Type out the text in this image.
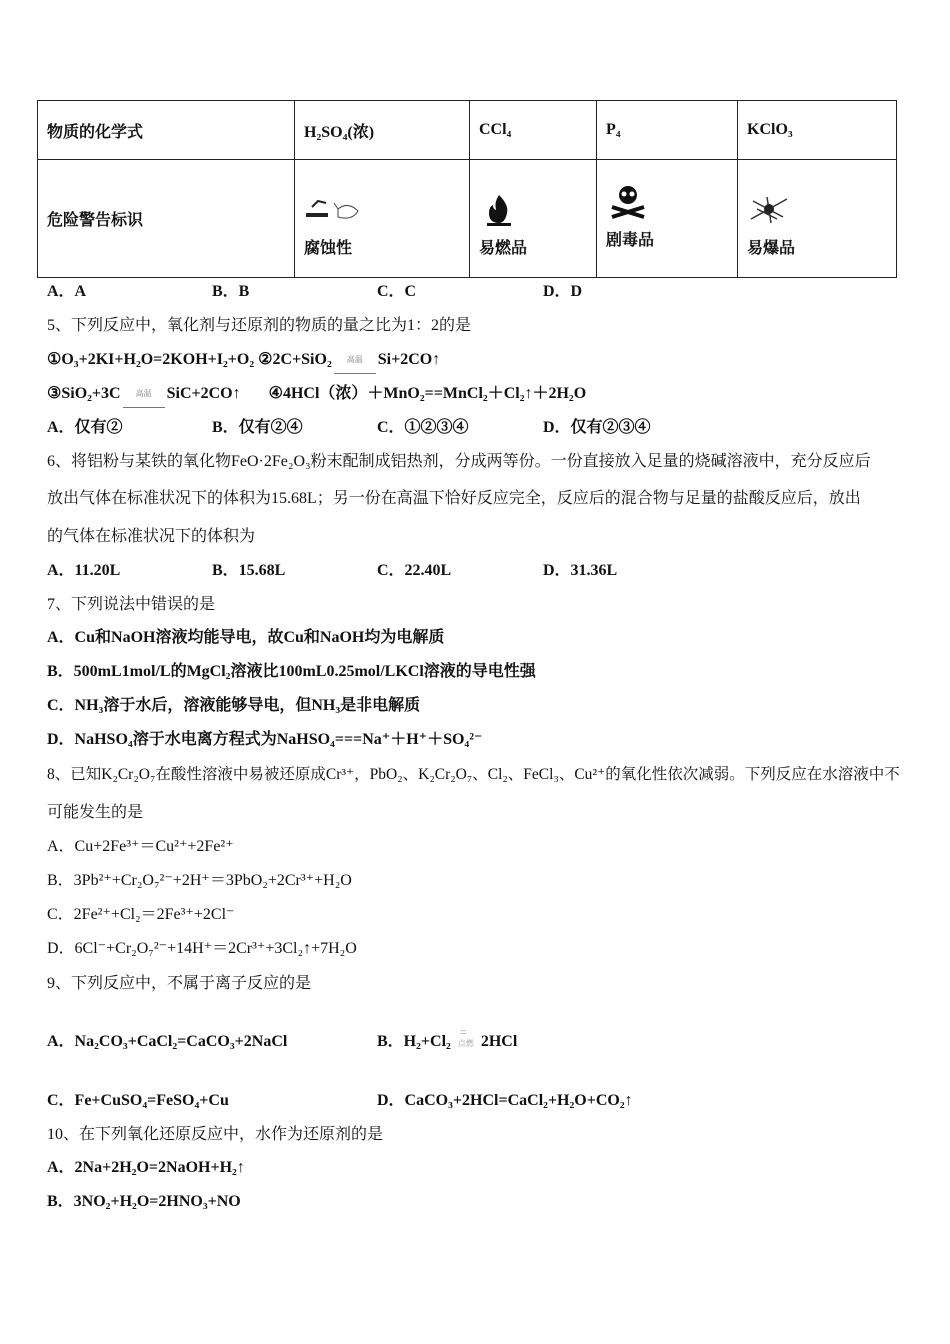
物质的化学式	H₂SO₄(浓)	CCl₄	P₄	KClO₃
危险警告标识	腐蚀性	易燃品	剧毒品	易爆品
A．A	B．B	C．C	D．D
5、下列反应中，氧化剂与还原剂的物质的量之比为1：2的是
①O₃+2KI+H₂O=2KOH+I₂+O₂ ②2C+SiO₂ 高温 Si+2CO↑
③SiO₂+3C 高温 SiC+2CO↑ ④4HCl（浓）＋MnO₂==MnCl₂＋Cl₂↑＋2H₂O
A．仅有②	B．仅有②④	C．①②③④	D．仅有②③④
6、将铝粉与某铁的氧化物FeO·2Fe₂O₃粉末配制成铝热剂，分成两等份。一份直接放入足量的烧碱溶液中，充分反应后
放出气体在标准状况下的体积为15.68L；另一份在高温下恰好反应完全，反应后的混合物与足量的盐酸反应后，放出
的气体在标准状况下的体积为
A．11.20L	B．15.68L	C．22.40L	D．31.36L
7、下列说法中错误的是
A．Cu和NaOH溶液均能导电，故Cu和NaOH均为电解质
B．500mL1mol/L的MgCl₂溶液比100mL0.25mol/LKCl溶液的导电性强
C．NH₃溶于水后，溶液能够导电，但NH₃是非电解质
D．NaHSO₄溶于水电离方程式为NaHSO₄===Na⁺＋H⁺＋SO₄²⁻
8、已知K₂Cr₂O₇在酸性溶液中易被还原成Cr³⁺，PbO₂、K₂Cr₂O₇、Cl₂、FeCl₃、Cu²⁺的氧化性依次减弱。下列反应在水溶液中不
可能发生的是
A．Cu+2Fe³⁺＝Cu²⁺+2Fe²⁺
B．3Pb²⁺+Cr₂O₇²⁻+2H⁺＝3PbO₂+2Cr³⁺+H₂O
C．2Fe²⁺+Cl₂＝2Fe³⁺+2Cl⁻
D．6Cl⁻+Cr₂O₇²⁻+14H⁺＝2Cr³⁺+3Cl₂↑+7H₂O
9、下列反应中，不属于离子反应的是
A．Na₂CO₃+CaCl₂=CaCO₃+2NaCl	B．H₂+Cl₂
=
点燃 2HCl
C．Fe+CuSO₄=FeSO₄+Cu	D．CaCO₃+2HCl=CaCl₂+H₂O+CO₂↑
10、在下列氧化还原反应中，水作为还原剂的是
A．2Na+2H₂O=2NaOH+H₂↑
B．3NO₂+H₂O=2HNO₃+NO
